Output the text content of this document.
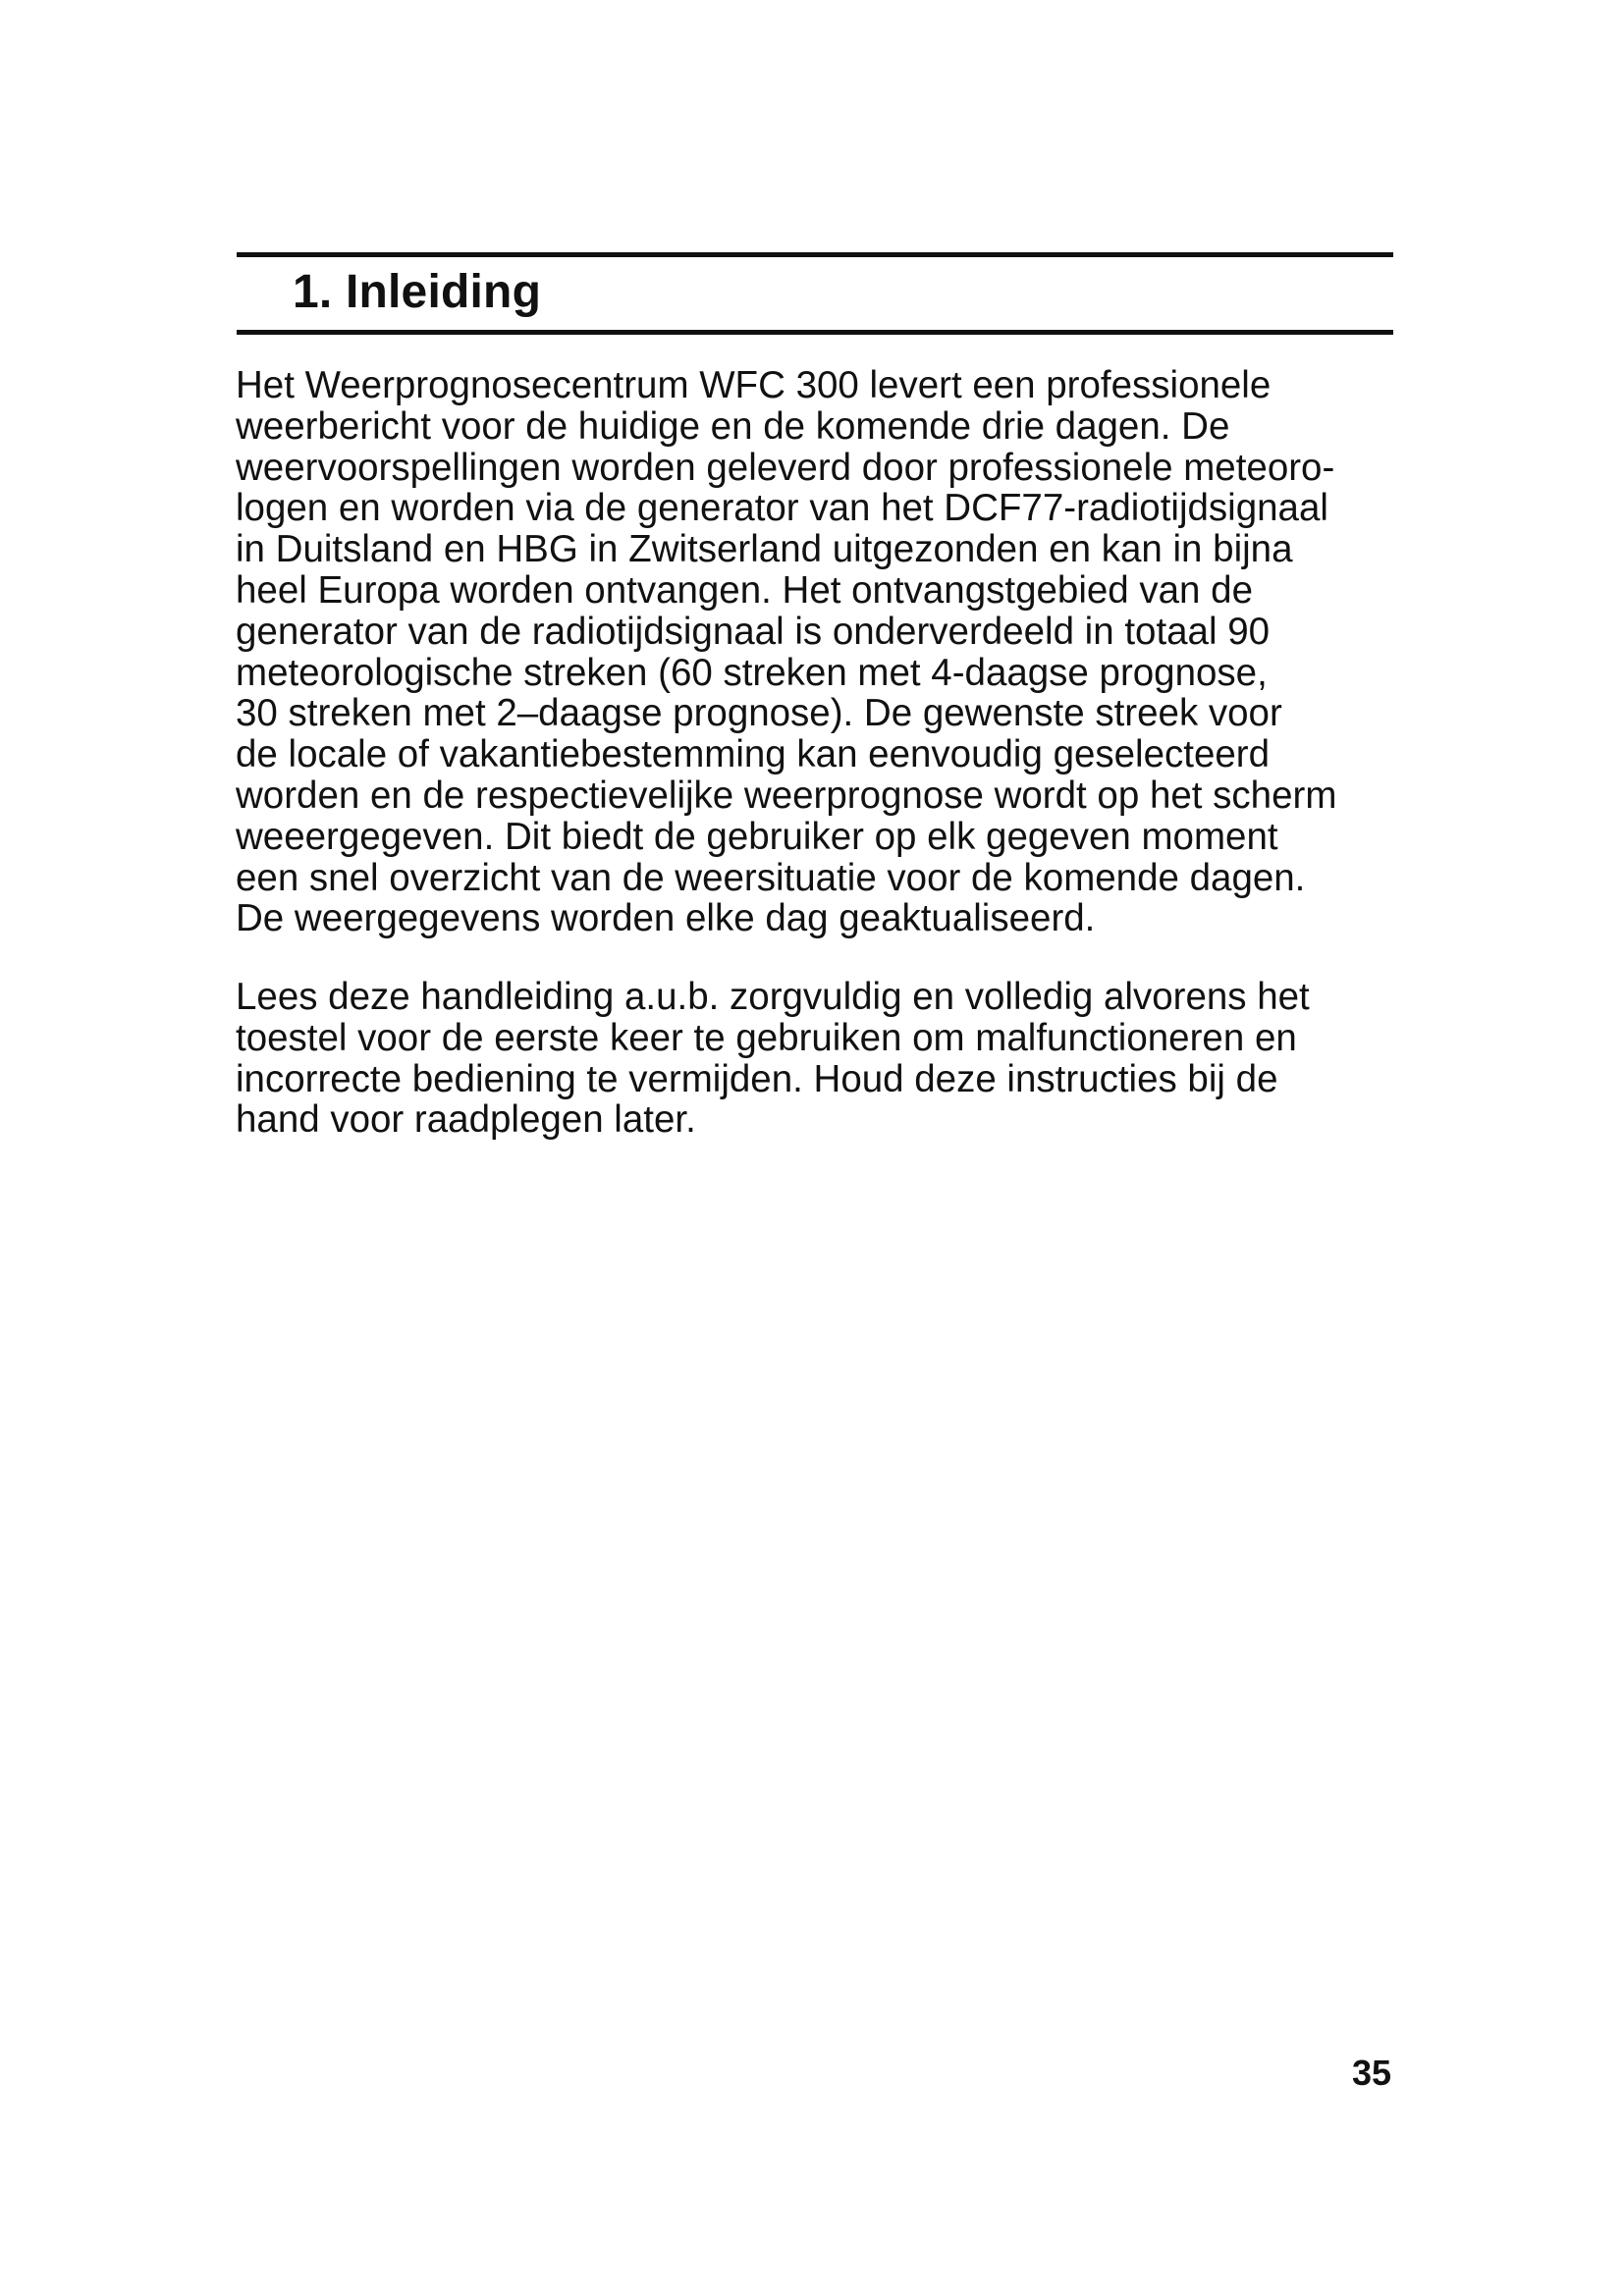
1. Inleiding
Het Weerprognosecentrum WFC 300 levert een professionele
weerbericht voor de huidige en de komende drie dagen. De
weervoorspellingen worden geleverd door professionele meteoro-
logen en worden via de generator van het DCF77-radiotijdsignaal
in Duitsland en HBG in Zwitserland uitgezonden en kan in bijna
heel Europa worden ontvangen. Het ontvangstgebied van de
generator van de radiotijdsignaal is onderverdeeld in totaal 90
meteorologische streken (60 streken met 4-daagse prognose,
30 streken met 2–daagse prognose). De gewenste streek voor
de locale of vakantiebestemming kan eenvoudig geselecteerd
worden en de respectievelijke weerprognose wordt op het scherm
weeergegeven. Dit biedt de gebruiker op elk gegeven moment
een snel overzicht van de weersituatie voor de komende dagen.
De weergegevens worden elke dag geaktualiseerd.
Lees deze handleiding a.u.b. zorgvuldig en volledig alvorens het
toestel voor de eerste keer te gebruiken om malfunctioneren en
incorrecte bediening te vermijden. Houd deze instructies bij de
hand voor raadplegen later.
35
